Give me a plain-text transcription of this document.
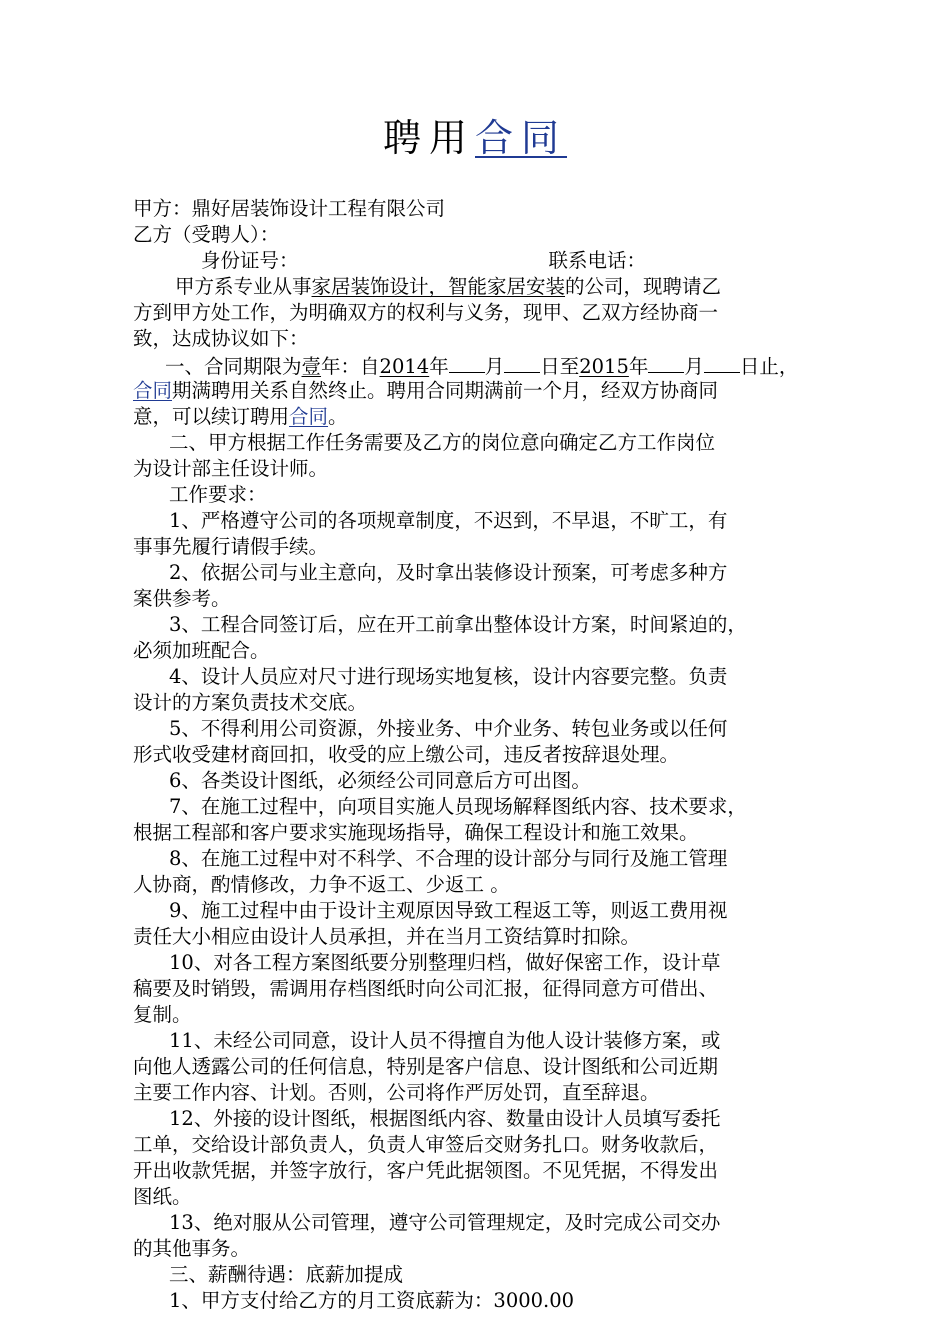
聘用合同
甲方：鼎好居装饰设计工程有限公司
乙方（受聘人）：
身份证号：	联系电话：
甲方系专业从事家居装饰设计，智能家居安装的公司，现聘请乙
方到甲方处工作，为明确双方的权利与义务，现甲、乙双方经协商一
致，达成协议如下：
一、合同期限为壹年：自2014年 月 日至2015年 月 日止，
合同期满聘用关系自然终止。聘用合同期满前一个月，经双方协商同
意，可以续订聘用合同。
二、甲方根据工作任务需要及乙方的岗位意向确定乙方工作岗位
为设计部主任设计师。
工作要求：
1、严格遵守公司的各项规章制度，不迟到，不早退，不旷工，有
事事先履行请假手续。
2、依据公司与业主意向，及时拿出装修设计预案，可考虑多种方
案供参考。
3、工程合同签订后，应在开工前拿出整体设计方案，时间紧迫的，
必须加班配合。
4、设计人员应对尺寸进行现场实地复核，设计内容要完整。负责
设计的方案负责技术交底。
5、不得利用公司资源，外接业务、中介业务、转包业务或以任何
形式收受建材商回扣，收受的应上缴公司，违反者按辞退处理。
6、各类设计图纸，必须经公司同意后方可出图。
7、在施工过程中，向项目实施人员现场解释图纸内容、技术要求，
根据工程部和客户要求实施现场指导，确保工程设计和施工效果。
8、在施工过程中对不科学、不合理的设计部分与同行及施工管理
人协商，酌情修改，力争不返工、少返工 。
9、施工过程中由于设计主观原因导致工程返工等，则返工费用视
责任大小相应由设计人员承担，并在当月工资结算时扣除。
10、对各工程方案图纸要分别整理归档，做好保密工作，设计草
稿要及时销毁，需调用存档图纸时向公司汇报，征得同意方可借出、
复制。
11、未经公司同意，设计人员不得擅自为他人设计装修方案，或
向他人透露公司的任何信息，特别是客户信息、设计图纸和公司近期
主要工作内容、计划。否则，公司将作严厉处罚，直至辞退。
12、外接的设计图纸，根据图纸内容、数量由设计人员填写委托
工单，交给设计部负责人，负责人审签后交财务扎口。财务收款后，
开出收款凭据，并签字放行，客户凭此据领图。不见凭据，不得发出
图纸。
13、绝对服从公司管理，遵守公司管理规定，及时完成公司交办
的其他事务。
三、薪酬待遇：底薪加提成
1、甲方支付给乙方的月工资底薪为：3000.00
